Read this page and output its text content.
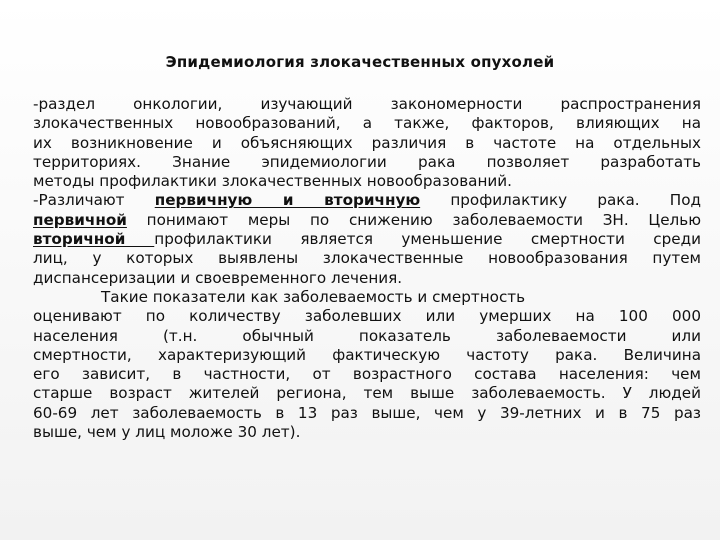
Эпидемиология злокачественных опухолей
-раздел онкологии, изучающий закономерности распространения
злокачественных новообразований, а также, факторов, влияющих на
их возникновение и объясняющих различия в частоте на отдельных
территориях. Знание эпидемиологии рака позволяет разработать
методы профилактики злокачественных новообразований.
-Различают первичную и вторичную профилактику рака. Под
первичной понимают меры по снижению заболеваемости ЗН. Целью
вторичной профилактики является уменьшение смертности среди
лиц, у которых выявлены злокачественные новообразования путем
диспансеризации и своевременного лечения.
Такие показатели как заболеваемость и смертность
оценивают по количеству заболевших или умерших на 100 000
населения (т.н. обычный показатель заболеваемости или
смертности, характеризующий фактическую частоту рака. Величина
его зависит, в частности, от возрастного состава населения: чем
старше возраст жителей региона, тем выше заболеваемость. У людей
60-69 лет заболеваемость в 13 раз выше, чем у 39-летних и в 75 раз
выше, чем у лиц моложе 30 лет).
